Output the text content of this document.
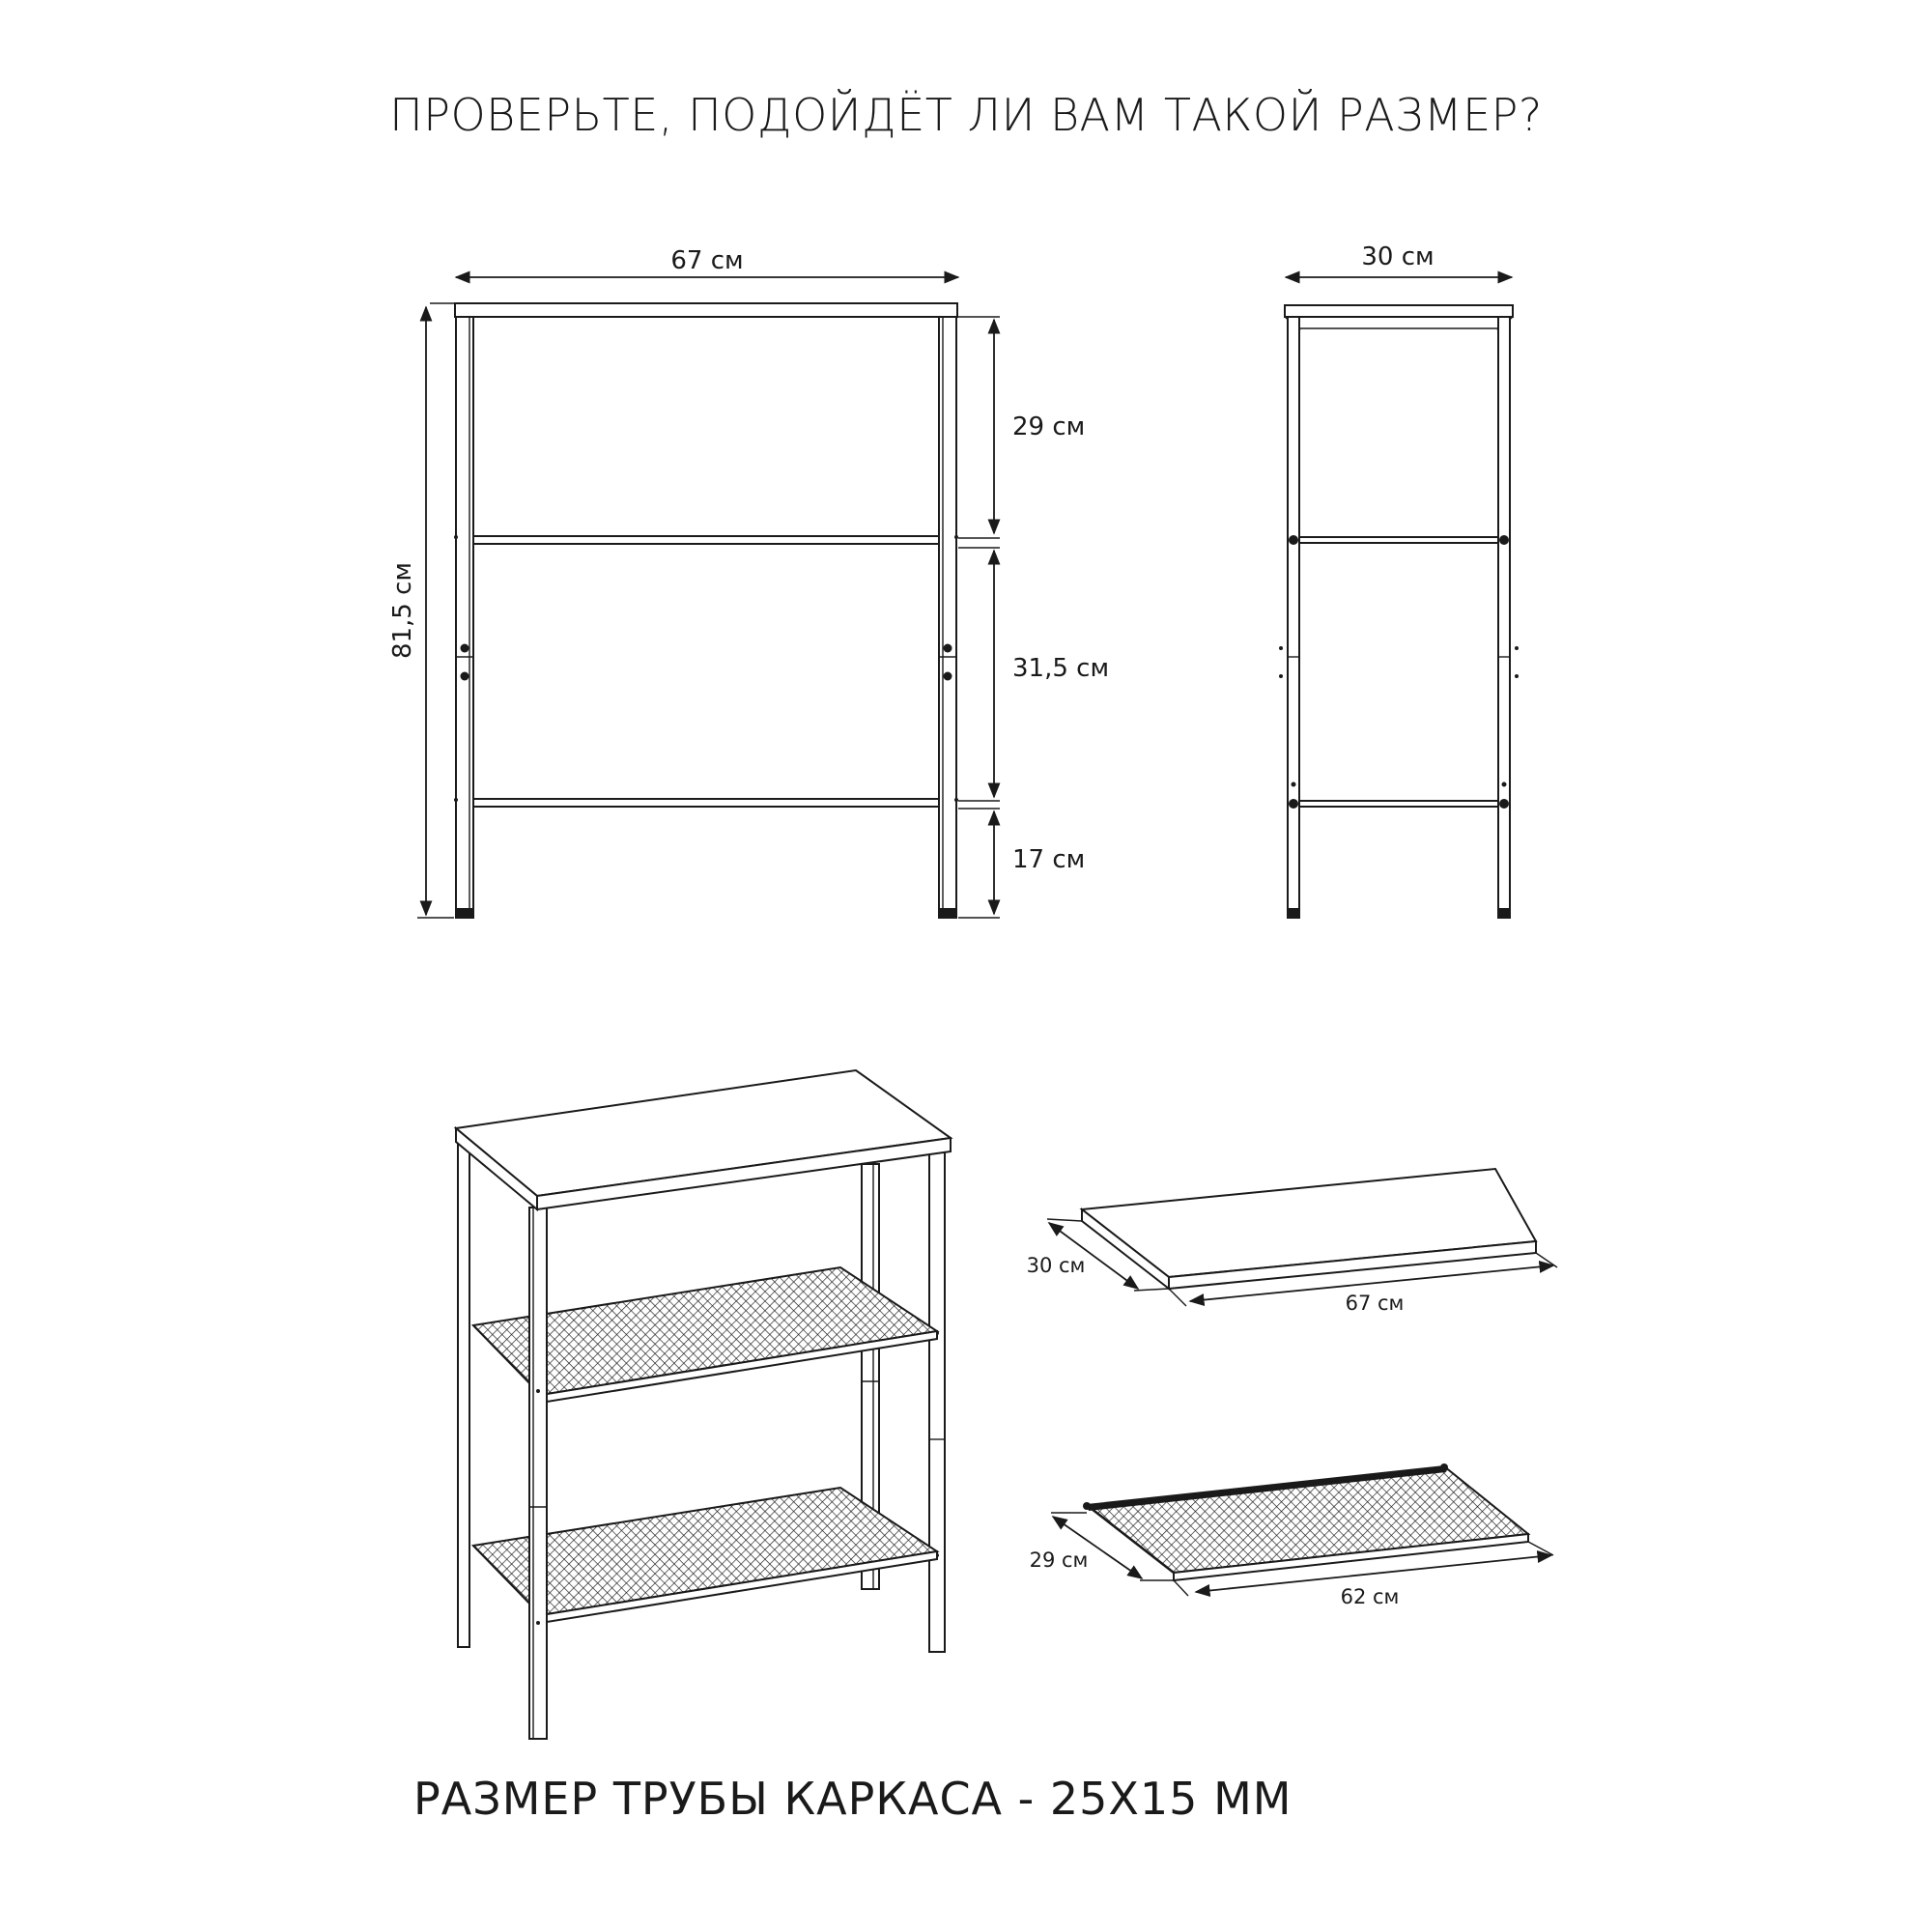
ПРОВЕРЬТЕ, ПОДОЙДЁТ ЛИ ВАМ ТАКОЙ РАЗМЕР?
67 см
81,5 см
29 см
31,5 см
17 см
30 см
30 см
67 см
29 см
62 см
РАЗМЕР ТРУБЫ КАРКАСА - 25Х15 ММ
